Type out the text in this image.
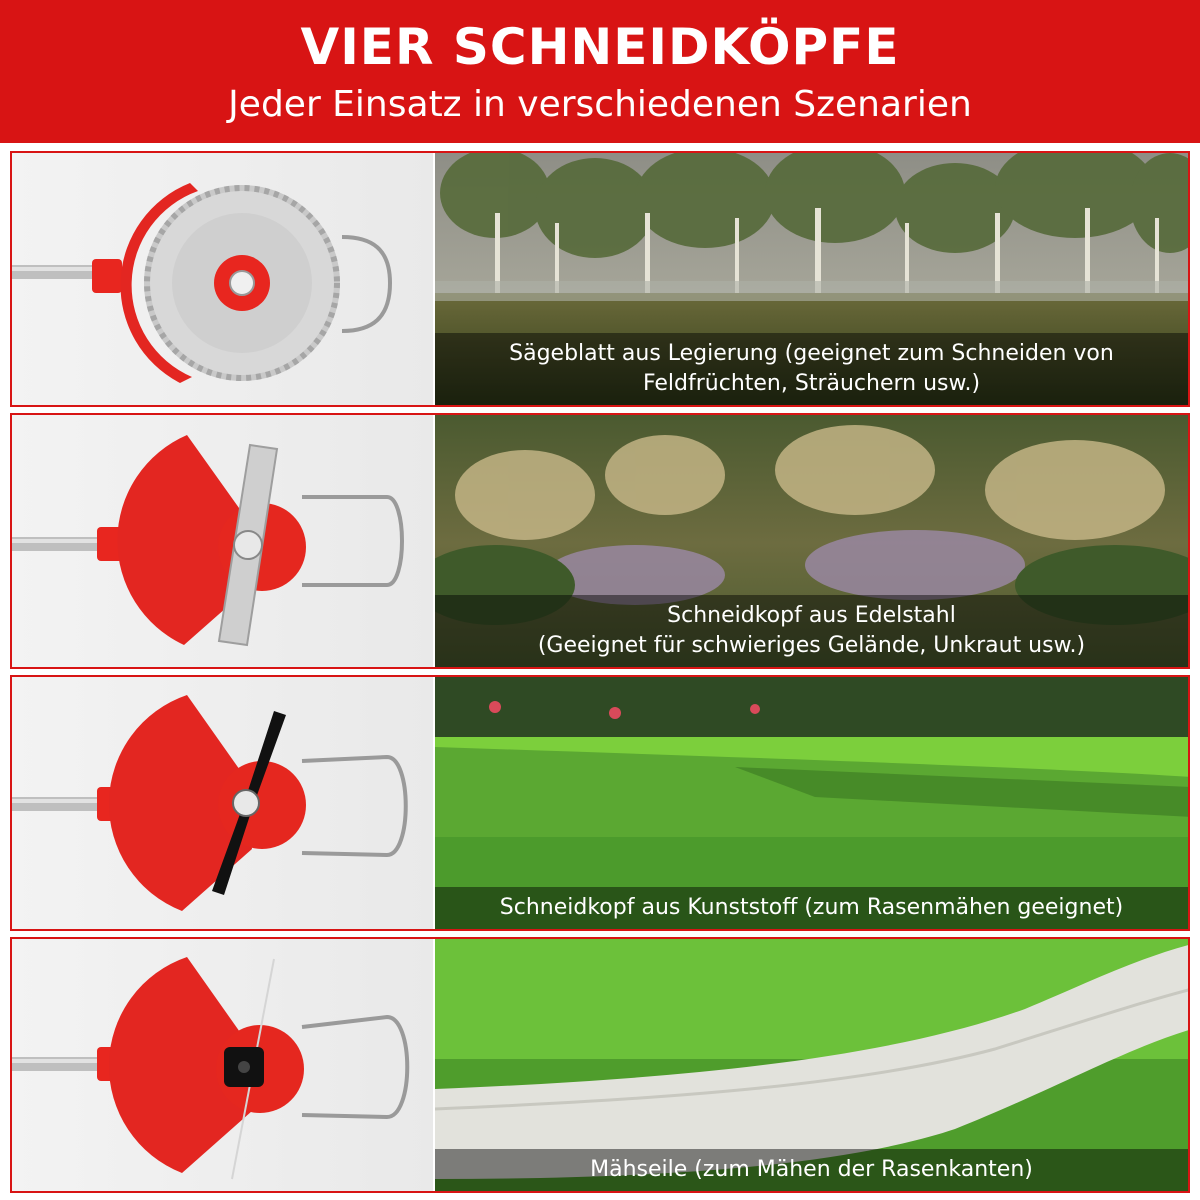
VIER SCHNEIDKÖPFE
Jeder Einsatz in verschiedenen Szenarien
Sägeblatt aus Legierung (geeignet zum Schneiden von
Feldfrüchten, Sträuchern usw.)
Schneidkopf aus Edelstahl
(Geeignet für schwieriges Gelände, Unkraut usw.)
Schneidkopf aus Kunststoff (zum Rasenmähen geeignet)
Mähseile (zum Mähen der Rasenkanten)
